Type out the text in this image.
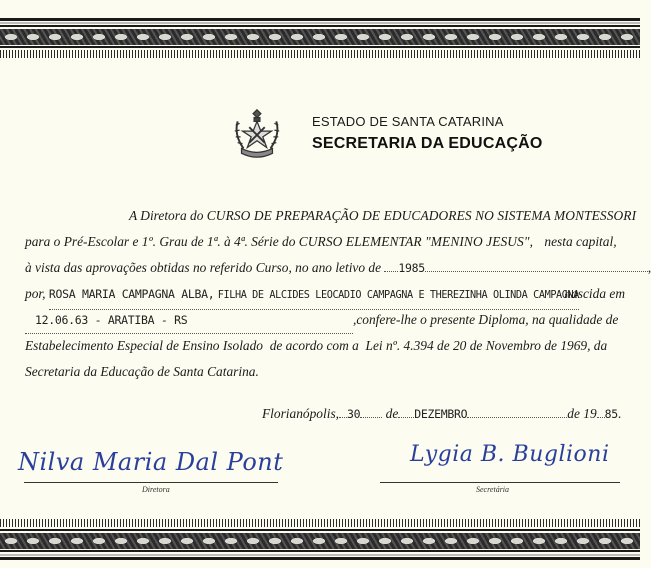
ESTADO DE SANTA CATARINA
SECRETARIA DA EDUCAÇÃO
A Diretora do CURSO DE PREPARAÇÃO DE EDUCADORES NO SISTEMA MONTESSORI
para o Pré-Escolar e 1º. Grau de 1ª. à 4ª. Série do CURSO ELEMENTAR "MENINO JESUS", nesta capital,
à vista das aprovações obtidas no referido Curso, no ano letivo de 1985	,
por, ROSA MARIA CAMPAGNA ALBA, FILHA DE ALCIDES LEOCADIO CAMPAGNA E THEREZINHA OLINDA CAMPAGNA
nascida em
12.06.63 - ARATIBA - RS	,confere-lhe o presente Diploma, na qualidade de
Estabelecimento Especial de Ensino Isolado  de acordo com a  Lei nº. 4.394 de 20 de Novembro de 1969, da
Secretaria da Educação de Santa Catarina.
Florianópolis, 30 de DEZEMBRO	de 19 85.
Nilva Maria Dal Pont
Diretora
Lygia B. Buglioni
Secretária
